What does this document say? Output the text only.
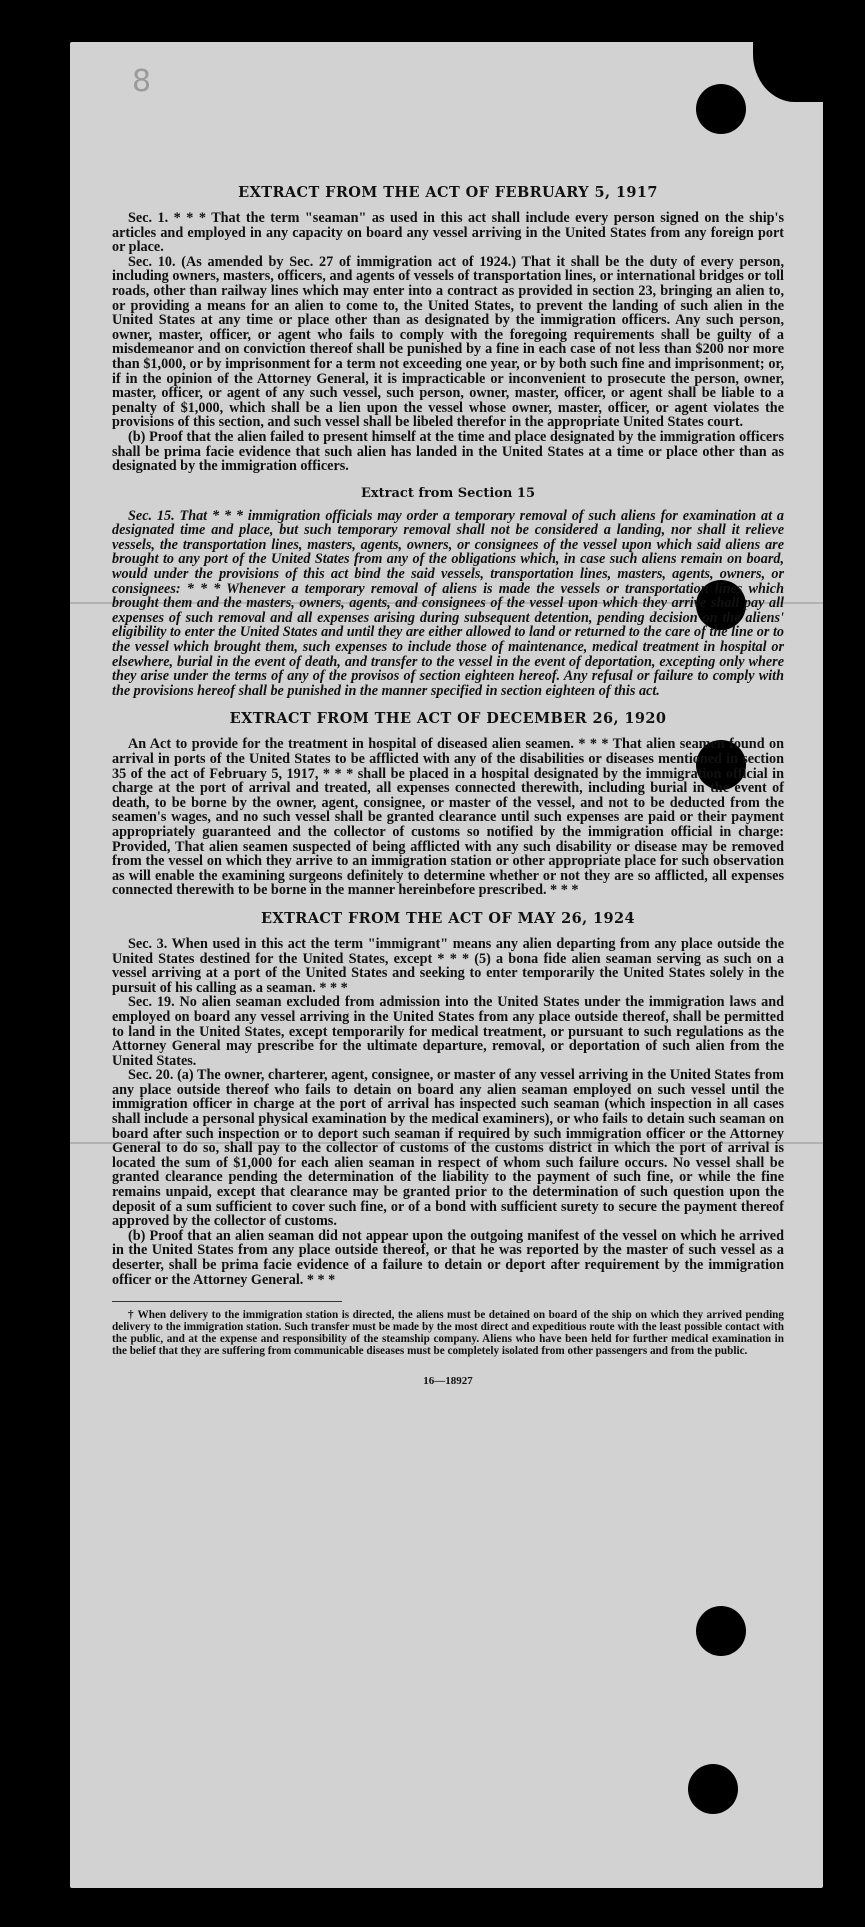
8
EXTRACT FROM THE ACT OF FEBRUARY 5, 1917

Sec. 1. * * * That the term "seaman" as used in this act shall include every person signed on the ship's articles and employed in any capacity on board any vessel arriving in the United States from any foreign port or place.

Sec. 10. (As amended by Sec. 27 of immigration act of 1924.) That it shall be the duty of every person, including owners, masters, officers, and agents of vessels of transportation lines, or international bridges or toll roads, other than railway lines which may enter into a contract as provided in section 23, bringing an alien to, or providing a means for an alien to come to, the United States, to prevent the landing of such alien in the United States at any time or place other than as designated by the immigration officers. Any such person, owner, master, officer, or agent who fails to comply with the foregoing requirements shall be guilty of a misdemeanor and on conviction thereof shall be punished by a fine in each case of not less than $200 nor more than $1,000, or by imprisonment for a term not exceeding one year, or by both such fine and imprisonment; or, if in the opinion of the Attorney General, it is impracticable or inconvenient to prosecute the person, owner, master, officer, or agent of any such vessel, such person, owner, master, officer, or agent shall be liable to a penalty of $1,000, which shall be a lien upon the vessel whose owner, master, officer, or agent violates the provisions of this section, and such vessel shall be libeled therefor in the appropriate United States court.

(b) Proof that the alien failed to present himself at the time and place designated by the immigration officers shall be prima facie evidence that such alien has landed in the United States at a time or place other than as designated by the immigration officers.

Extract from Section 15

Sec. 15. That * * * immigration officials may order a temporary removal of such aliens for examination at a designated time and place, but such temporary removal shall not be considered a landing, nor shall it relieve vessels, the transportation lines, masters, agents, owners, or consignees of the vessel upon which said aliens are brought to any port of the United States from any of the obligations which, in case such aliens remain on board, would under the provisions of this act bind the said vessels, transportation lines, masters, agents, owners, or consignees: * * * Whenever a temporary removal of aliens is made the vessels or transportation lines which brought them and the masters, owners, agents, and consignees of the vessel upon which they arrive shall pay all expenses of such removal and all expenses arising during subsequent detention, pending decision on the aliens' eligibility to enter the United States and until they are either allowed to land or returned to the care of the line or to the vessel which brought them, such expenses to include those of maintenance, medical treatment in hospital or elsewhere, burial in the event of death, and transfer to the vessel in the event of deportation, excepting only where they arise under the terms of any of the provisos of section eighteen hereof. Any refusal or failure to comply with the provisions hereof shall be punished in the manner specified in section eighteen of this act.

EXTRACT FROM THE ACT OF DECEMBER 26, 1920

An Act to provide for the treatment in hospital of diseased alien seamen. * * * That alien seamen found on arrival in ports of the United States to be afflicted with any of the disabilities or diseases mentioned in section 35 of the act of February 5, 1917, * * * shall be placed in a hospital designated by the immigration official in charge at the port of arrival and treated, all expenses connected therewith, including burial in the event of death, to be borne by the owner, agent, consignee, or master of the vessel, and not to be deducted from the seamen's wages, and no such vessel shall be granted clearance until such expenses are paid or their payment appropriately guaranteed and the collector of customs so notified by the immigration official in charge: Provided, That alien seamen suspected of being afflicted with any such disability or disease may be removed from the vessel on which they arrive to an immigration station or other appropriate place for such observation as will enable the examining surgeons definitely to determine whether or not they are so afflicted, all expenses connected therewith to be borne in the manner hereinbefore prescribed. * * *

EXTRACT FROM THE ACT OF MAY 26, 1924

Sec. 3. When used in this act the term "immigrant" means any alien departing from any place outside the United States destined for the United States, except * * * (5) a bona fide alien seaman serving as such on a vessel arriving at a port of the United States and seeking to enter temporarily the United States solely in the pursuit of his calling as a seaman. * * *

Sec. 19. No alien seaman excluded from admission into the United States under the immigration laws and employed on board any vessel arriving in the United States from any place outside thereof, shall be permitted to land in the United States, except temporarily for medical treatment, or pursuant to such regulations as the Attorney General may prescribe for the ultimate departure, removal, or deportation of such alien from the United States.

Sec. 20. (a) The owner, charterer, agent, consignee, or master of any vessel arriving in the United States from any place outside thereof who fails to detain on board any alien seaman employed on such vessel until the immigration officer in charge at the port of arrival has inspected such seaman (which inspection in all cases shall include a personal physical examination by the medical examiners), or who fails to detain such seaman on board after such inspection or to deport such seaman if required by such immigration officer or the Attorney General to do so, shall pay to the collector of customs of the customs district in which the port of arrival is located the sum of $1,000 for each alien seaman in respect of whom such failure occurs. No vessel shall be granted clearance pending the determination of the liability to the payment of such fine, or while the fine remains unpaid, except that clearance may be granted prior to the determination of such question upon the deposit of a sum sufficient to cover such fine, or of a bond with sufficient surety to secure the payment thereof approved by the collector of customs.

(b) Proof that an alien seaman did not appear upon the outgoing manifest of the vessel on which he arrived in the United States from any place outside thereof, or that he was reported by the master of such vessel as a deserter, shall be prima facie evidence of a failure to detain or deport after requirement by the immigration officer or the Attorney General. * * *

† When delivery to the immigration station is directed, the aliens must be detained on board of the ship on which they arrived pending delivery to the immigration station. Such transfer must be made by the most direct and expeditious route with the least possible contact with the public, and at the expense and responsibility of the steamship company. Aliens who have been held for further medical examination in the belief that they are suffering from communicable diseases must be completely isolated from other passengers and from the public.

16—18927
